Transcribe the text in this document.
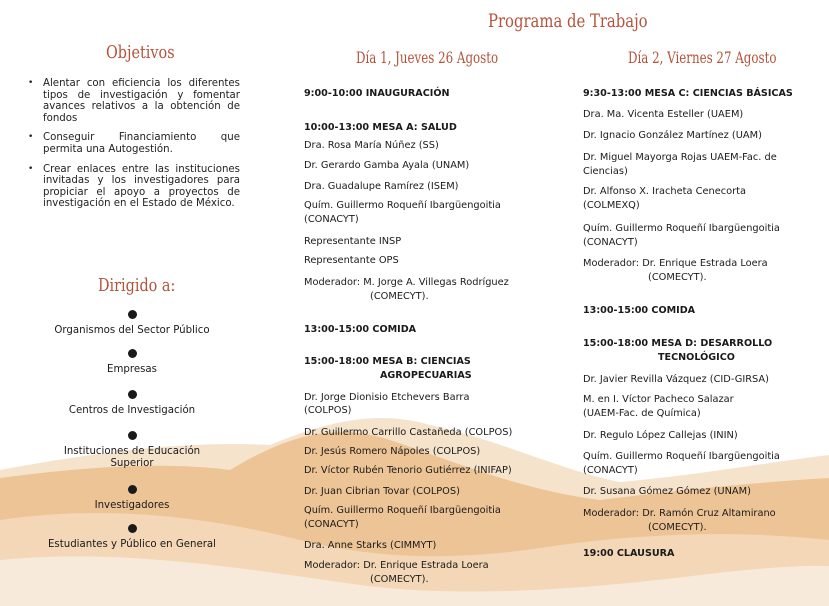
Programa de Trabajo
Objetivos
Dirigido a:
Día 1, Jueves 26 Agosto	Día 2, Viernes 27 Agosto
• Alentar con eficiencia los diferentes tipos de investigación y fomentar avances relativos a la obtención de fondos
• Conseguir Financiamiento que permita una Autogestión.
• Crear enlaces entre las instituciones invitadas y los investigadores para propiciar el apoyo a proyectos de investigación en el Estado de México.
Organismos del Sector Público
Empresas
Centros de Investigación
Instituciones de Educación Superior
Investigadores
Estudiantes y Público en General
9:00-10:00 INAUGURACIÓN
10:00-13:00 MESA A: SALUD
Dra. Rosa María Núñez (SS)
Dr. Gerardo Gamba Ayala (UNAM)
Dra. Guadalupe Ramírez (ISEM)
Quím. Guillermo Roqueñí Ibargüengoitia
(CONACYT)
Representante INSP
Representante OPS
Moderador: M. Jorge A. Villegas Rodríguez
(COMECYT).
13:00-15:00 COMIDA
15:00-18:00 MESA B: CIENCIAS
AGROPECUARIAS
Dr. Jorge Dionisio Etchevers Barra
(COLPOS)
Dr. Guillermo Carrillo Castañeda (COLPOS)
Dr. Jesús Romero Nápoles (COLPOS)
Dr. Víctor Rubén Tenorio Gutiérrez (INIFAP)
Dr. Juan Cibrian Tovar (COLPOS)
Quím. Guillermo Roqueñí Ibargüengoitia
(CONACYT)
Dra. Anne Starks (CIMMYT)
Moderador: Dr. Enrique Estrada Loera
(COMECYT).
9:30-13:00 MESA C: CIENCIAS BÁSICAS
Dra. Ma. Vicenta Esteller (UAEM)
Dr. Ignacio González Martínez (UAM)
Dr. Miguel Mayorga Rojas UAEM-Fac. de
Ciencias)
Dr. Alfonso X. Iracheta Cenecorta
(COLMEXQ)
Quím. Guillermo Roqueñí Ibargüengoitia
(CONACYT)
Moderador: Dr. Enrique Estrada Loera
(COMECYT).
13:00-15:00 COMIDA
15:00-18:00 MESA D: DESARROLLO
TECNOLÓGICO
Dr. Javier Revilla Vázquez (CID-GIRSA)
M. en I. Víctor Pacheco Salazar
(UAEM-Fac. de Química)
Dr. Regulo López Callejas (ININ)
Quím. Guillermo Roqueñí Ibargüengoitia
(CONACYT)
Dr. Susana Gómez Gómez (UNAM)
Moderador: Dr. Ramón Cruz Altamirano
(COMECYT).
19:00 CLAUSURA
